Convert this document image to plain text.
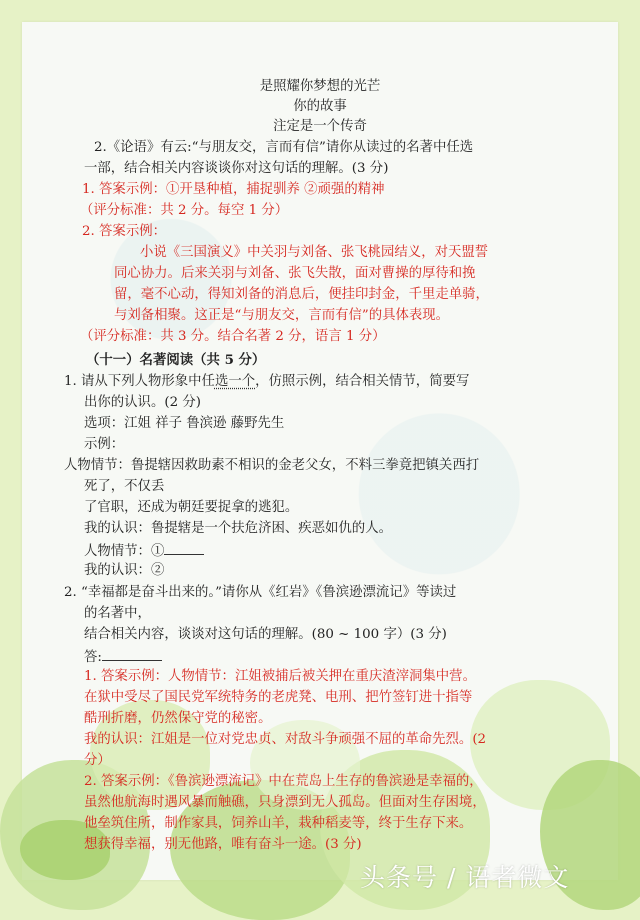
是照耀你梦想的光芒
你的故事
注定是一个传奇
2.《论语》有云:“与朋友交，言而有信”请你从读过的名著中任选
一部，结合相关内容谈谈你对这句话的理解。(3 分)
1. 答案示例：①开垦种植，捕捉驯养 ②顽强的精神
（评分标准：共 2 分。每空 1 分）
2. 答案示例：
小说《三国演义》中关羽与刘备、张飞桃园结义，对天盟誓
同心协力。后来关羽与刘备、张飞失散，面对曹操的厚待和挽
留，毫不心动，得知刘备的消息后，便挂印封金，千里走单骑，
与刘备相聚。这正是“与朋友交，言而有信”的具体表现。
（评分标准：共 3 分。结合名著 2 分，语言 1 分）
（十一）名著阅读（共 5 分）
1. 请从下列人物形象中任选一个，仿照示例，结合相关情节，简要写
出你的认识。(2 分)
选项：江姐 祥子 鲁滨逊 藤野先生
示例：
人物情节：鲁提辖因救助素不相识的金老父女，不料三拳竟把镇关西打
死了，不仅丢
了官职，还成为朝廷要捉拿的逃犯。
我的认识：鲁提辖是一个扶危济困、疾恶如仇的人。
人物情节：①
我的认识：②
2. “幸福都是奋斗出来的。”请你从《红岩》《鲁滨逊漂流记》等读过
的名著中，
结合相关内容，谈谈对这句话的理解。(80 ~ 100 字）(3 分)
答:
1. 答案示例：人物情节：江姐被捕后被关押在重庆渣滓洞集中营。
在狱中受尽了国民党军统特务的老虎凳、电刑、把竹签钉进十指等
酷刑折磨，仍然保守党的秘密。
我的认识：江姐是一位对党忠贞、对敌斗争顽强不屈的革命先烈。(2
分）
2. 答案示例：《鲁滨逊漂流记》中在荒岛上生存的鲁滨逊是幸福的，
虽然他航海时遇风暴而触礁，只身漂到无人孤岛。但面对生存困境，
他垒筑住所，制作家具，饲养山羊，栽种稻麦等，终于生存下来。
想获得幸福，别无他路，唯有奋斗一途。(3 分)
头条号 / 语者微文
